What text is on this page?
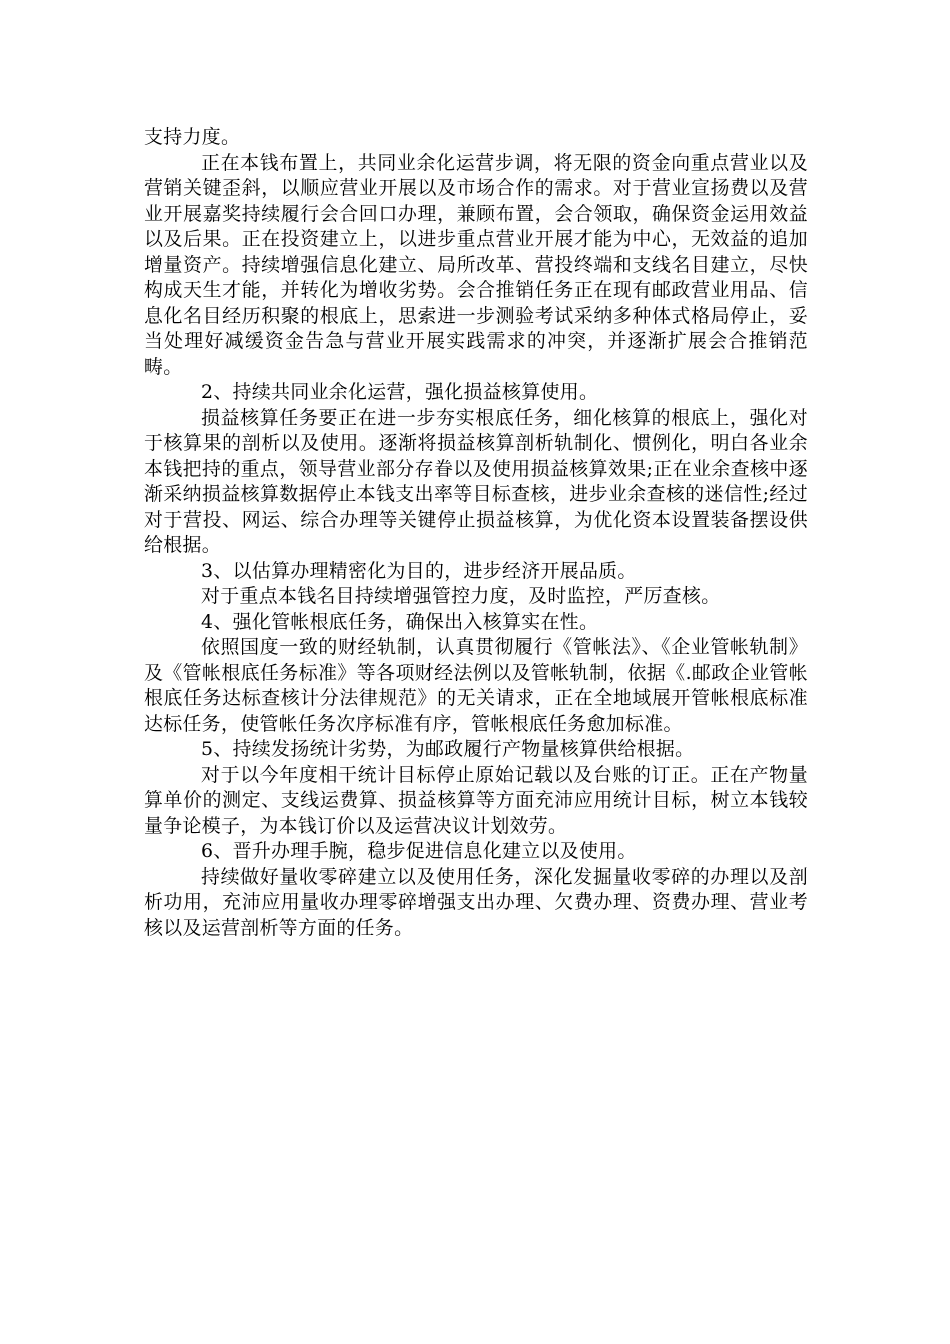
支持力度。

正在本钱布置上，共同业余化运营步调，将无限的资金向重点营业以及营销关键歪斜，以顺应营业开展以及市场合作的需求。对于营业宣扬费以及营业开展嘉奖持续履行会合回口办理，兼顾布置，会合领取，确保资金运用效益以及后果。正在投资建立上，以进步重点营业开展才能为中心，无效益的追加增量资产。持续增强信息化建立、局所改革、营投终端和支线名目建立，尽快构成天生才能，并转化为增收劣势。会合推销任务正在现有邮政营业用品、信息化名目经历积聚的根底上，思索进一步测验考试采纳多种体式格局停止，妥当处理好减缓资金告急与营业开展实践需求的冲突，并逐渐扩展会合推销范畴。

2、持续共同业余化运营，强化损益核算使用。

损益核算任务要正在进一步夯实根底任务，细化核算的根底上，强化对于核算果的剖析以及使用。逐渐将损益核算剖析轨制化、惯例化，明白各业余本钱把持的重点，领导营业部分存眷以及使用损益核算效果;正在业余查核中逐渐采纳损益核算数据停止本钱支出率等目标查核，进步业余查核的迷信性;经过对于营投、网运、综合办理等关键停止损益核算，为优化资本设置装备摆设供给根据。

3、以估算办理精密化为目的，进步经济开展品质。

对于重点本钱名目持续增强管控力度，及时监控，严厉查核。

4、强化管帐根底任务，确保出入核算实在性。

依照国度一致的财经轨制，认真贯彻履行《管帐法》、《企业管帐轨制》及《管帐根底任务标准》等各项财经法例以及管帐轨制，依据《.邮政企业管帐根底任务达标查核计分法律规范》的无关请求，正在全地域展开管帐根底标准达标任务，使管帐任务次序标准有序，管帐根底任务愈加标准。

5、持续发扬统计劣势，为邮政履行产物量核算供给根据。

对于以今年度相干统计目标停止原始记载以及台账的订正。正在产物量算单价的测定、支线运费算、损益核算等方面充沛应用统计目标，树立本钱较量争论模子，为本钱订价以及运营决议计划效劳。

6、晋升办理手腕，稳步促进信息化建立以及使用。

持续做好量收零碎建立以及使用任务，深化发掘量收零碎的办理以及剖析功用，充沛应用量收办理零碎增强支出办理、欠费办理、资费办理、营业考核以及运营剖析等方面的任务。
